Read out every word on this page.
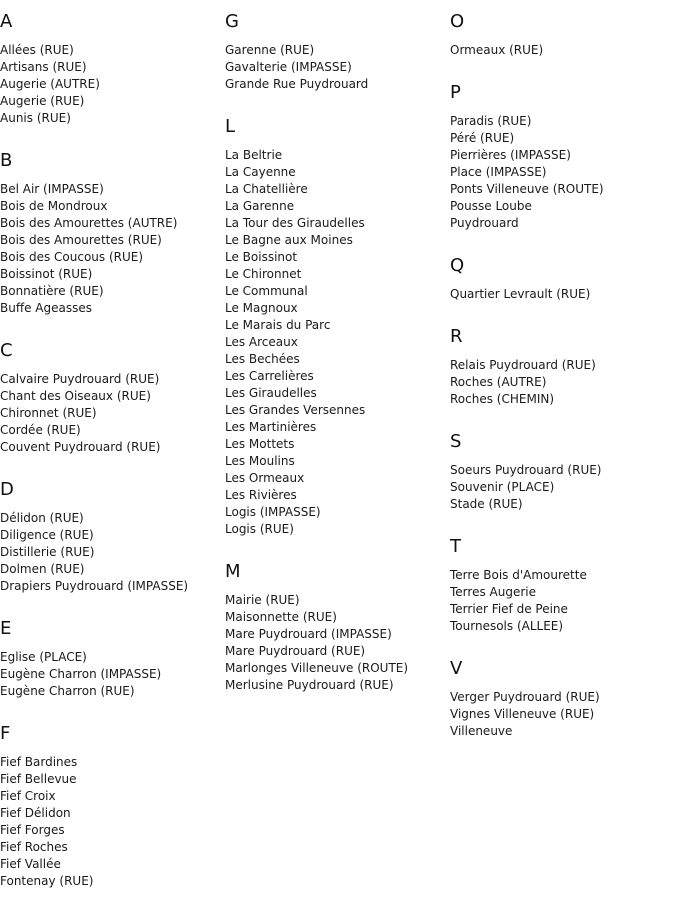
A
Allées (RUE)
Artisans (RUE)
Augerie (AUTRE)
Augerie (RUE)
Aunis (RUE)
B
Bel Air (IMPASSE)
Bois de Mondroux
Bois des Amourettes (AUTRE)
Bois des Amourettes (RUE)
Bois des Coucous (RUE)
Boissinot (RUE)
Bonnatière (RUE)
Buffe Ageasses
C
Calvaire Puydrouard (RUE)
Chant des Oiseaux (RUE)
Chironnet (RUE)
Cordée (RUE)
Couvent Puydrouard (RUE)
D
Délidon (RUE)
Diligence (RUE)
Distillerie (RUE)
Dolmen (RUE)
Drapiers Puydrouard (IMPASSE)
E
Eglise (PLACE)
Eugène Charron (IMPASSE)
Eugène Charron (RUE)
F
Fief Bardines
Fief Bellevue
Fief Croix
Fief Délidon
Fief Forges
Fief Roches
Fief Vallée
Fontenay (RUE)
G
Garenne (RUE)
Gavalterie (IMPASSE)
Grande Rue Puydrouard
L
La Beltrie
La Cayenne
La Chatellière
La Garenne
La Tour des Giraudelles
Le Bagne aux Moines
Le Boissinot
Le Chironnet
Le Communal
Le Magnoux
Le Marais du Parc
Les Arceaux
Les Bechées
Les Carrelières
Les Giraudelles
Les Grandes Versennes
Les Martinières
Les Mottets
Les Moulins
Les Ormeaux
Les Rivières
Logis (IMPASSE)
Logis (RUE)
M
Mairie (RUE)
Maisonnette (RUE)
Mare Puydrouard (IMPASSE)
Mare Puydrouard (RUE)
Marlonges Villeneuve (ROUTE)
Merlusine Puydrouard (RUE)
O
Ormeaux (RUE)
P
Paradis (RUE)
Péré (RUE)
Pierrières (IMPASSE)
Place (IMPASSE)
Ponts Villeneuve (ROUTE)
Pousse Loube
Puydrouard
Q
Quartier Levrault (RUE)
R
Relais Puydrouard (RUE)
Roches (AUTRE)
Roches (CHEMIN)
S
Soeurs Puydrouard (RUE)
Souvenir (PLACE)
Stade (RUE)
T
Terre Bois d'Amourette
Terres Augerie
Terrier Fief de Peine
Tournesols (ALLEE)
V
Verger Puydrouard (RUE)
Vignes Villeneuve (RUE)
Villeneuve
